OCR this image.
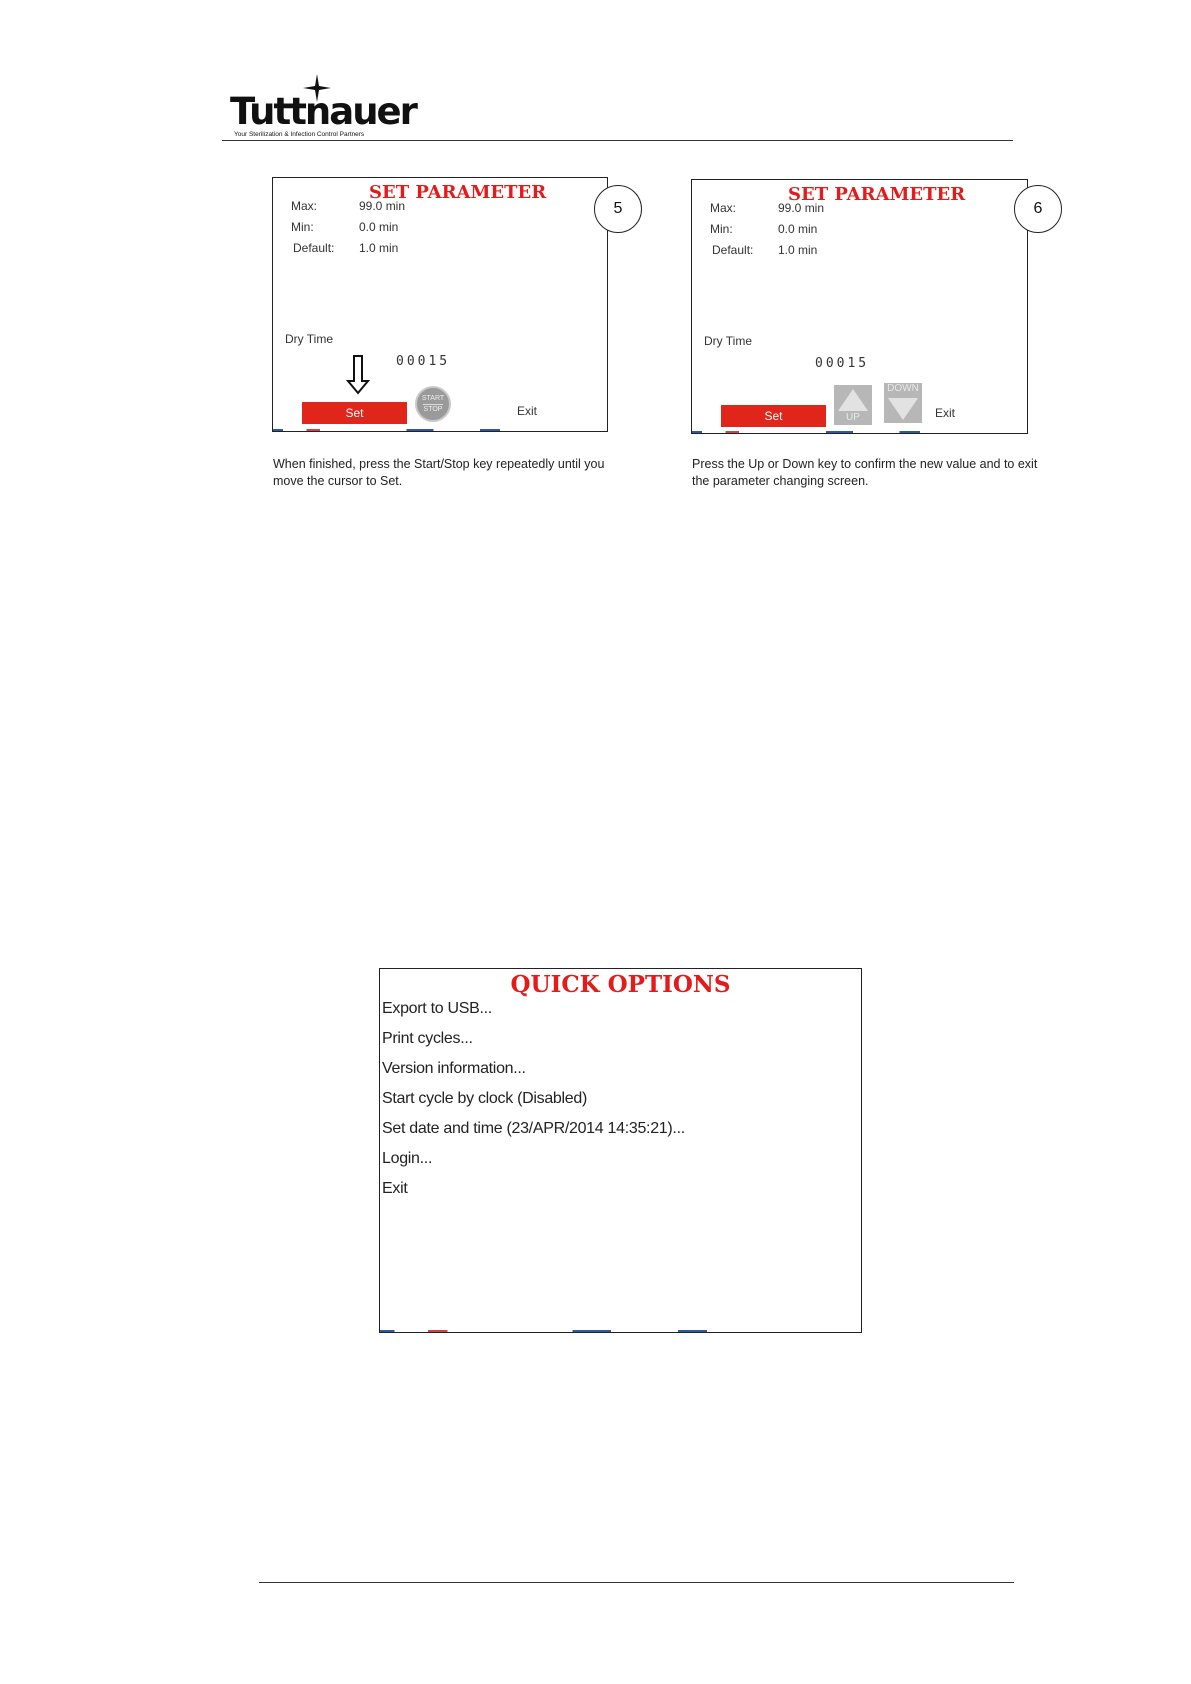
Tuttnauer
Your Sterilization & Infection Control Partners
SET PARAMETER
Max:	99.0 min
Min:	0.0 min
Default: 1.0 min
Dry Time
00015
Set
START
STOP	Exit
5
When finished, press the Start/Stop key repeatedly until you move the cursor to Set.
SET PARAMETER
Max:	99.0 min
Min:	0.0 min
Default: 1.0 min
Dry Time
00015
Set	UP
DOWN
Exit
6
Press the Up or Down key to confirm the new value and to exit the parameter changing screen.
QUICK OPTIONS
Export to USB...
Print cycles...
Version information...
Start cycle by clock (Disabled)
Set date and time (23/APR/2014 14:35:21)...
Login...
Exit
